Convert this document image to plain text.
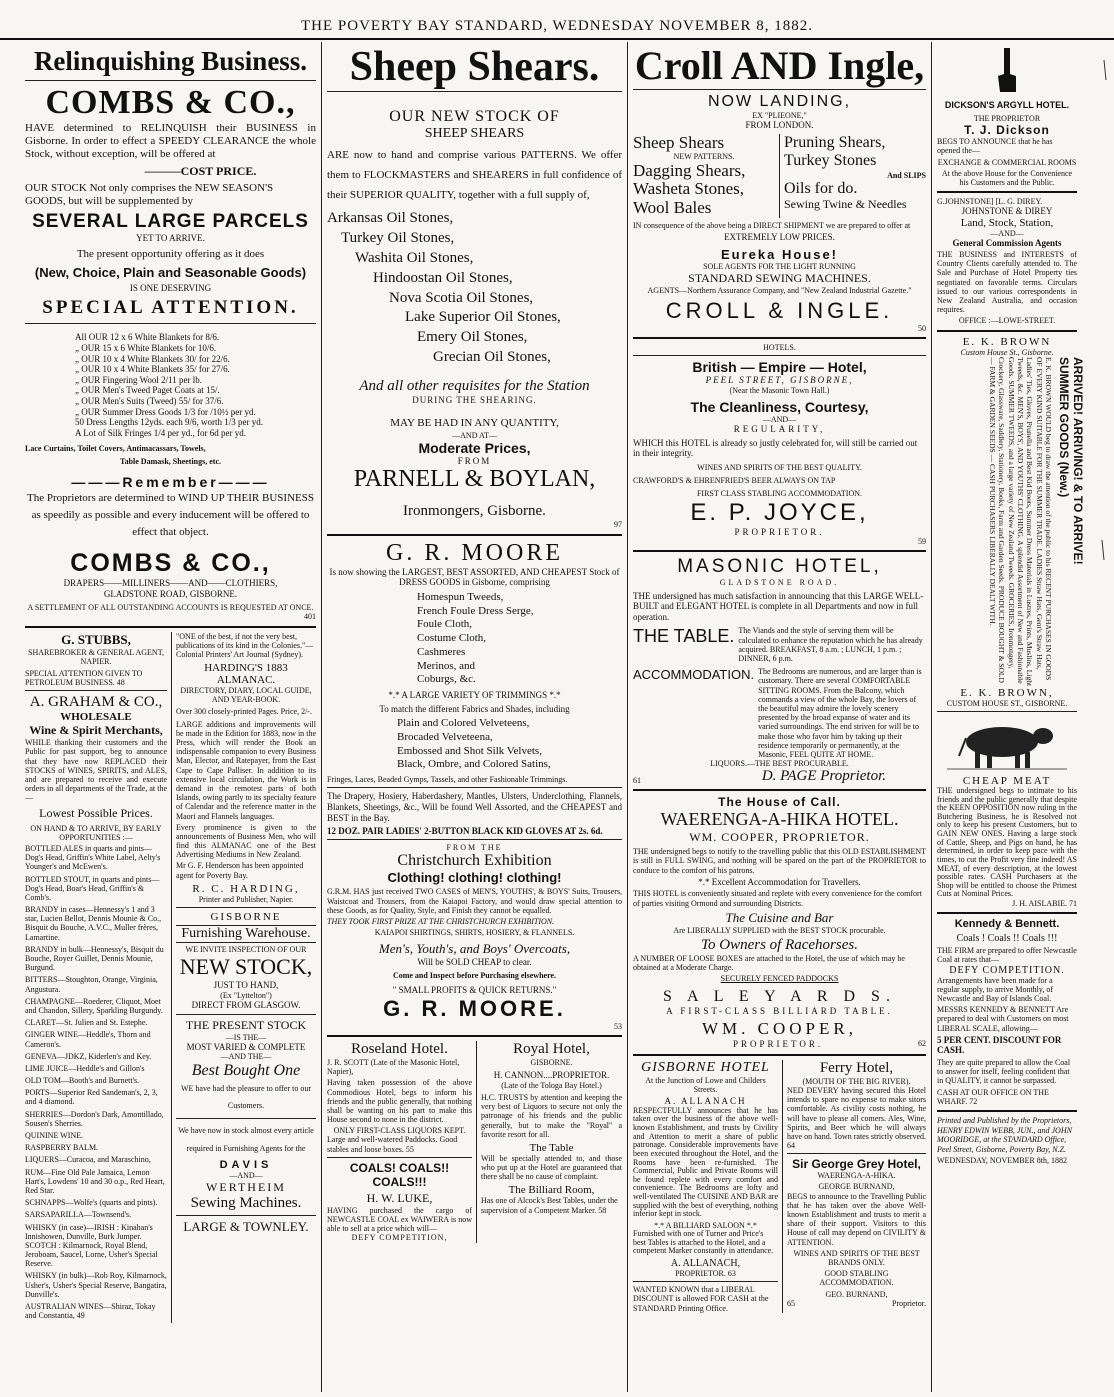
THE POVERTY BAY STANDARD, WEDNESDAY NOVEMBER 8, 1882.
Relinquishing Business.
COMBS & CO.,
HAVE determined to RELINQUISH their BUSINESS in Gisborne. In order to effect a SPEEDY CLEARANCE the whole Stock, without exception, will be offered at
———COST PRICE.
OUR STOCK Not only comprises the NEW SEASON'S GOODS, but will be supplemented by
SEVERAL LARGE PARCELS
YET TO ARRIVE.
The present opportunity offering as it does
(New, Choice, Plain and Seasonable Goods)
IS ONE DESERVING
SPECIAL ATTENTION.
All OUR 12 x 6 White Blankets for 8/6.
„ OUR 15 x 6 White Blankets for 10/6.
„ OUR 10 x 4 White Blankets 30/ for 22/6.
„ OUR 10 x 4 White Blankets 35/ for 27/6.
„ OUR Fingering Wool 2/11 per lb.
„ OUR Men's Tweed Paget Coats at 15/.
„ OUR Men's Suits (Tweed) 55/ for 37/6.
„ OUR Summer Dress Goods 1/3 for /10½ per yd.
50 Dress Lengths 12yds. each 9/6, worth 1/3 per yd.
A Lot of Silk Fringes 1/4 per yd., for 6d per yd.
Lace Curtains, Toilet Covers, Antimacassars, Towels,
Table Damask, Sheetings, etc.
———Remember———
The Proprietors are determined to WIND UP THEIR BUSINESS as speedily as possible and every inducement will be offered to effect that object.
COMBS & CO.,
DRAPERS——MILLINERS——AND——CLOTHIERS,
GLADSTONE ROAD, GISBORNE.
A SETTLEMENT OF ALL OUTSTANDING ACCOUNTS IS REQUESTED AT ONCE.
401
G. STUBBS,
SHAREBROKER & GENERAL AGENT, NAPIER.
SPECIAL ATTENTION GIVEN TO PETROLEUM BUSINESS. 48
A. GRAHAM & CO.,
WHOLESALE
Wine & Spirit Merchants,
WHILE thanking their customers and the Public for past support, beg to announce that they have now REPLACED their STOCKS of WINES, SPIRITS, and ALES, and are prepared to receive and execute orders in all departments of the Trade, at the—
Lowest Possible Prices.
ON HAND & TO ARRIVE, BY EARLY OPPORTUNITIES :—
BOTTLED ALES in quarts and pints—Dog's Head, Griffin's White Label, Aelty's Younger's and McEwen's.
BOTTLED STOUT, in quarts and pints—Dog's Head, Boar's Head, Griffin's & Comb's.
BRANDY in cases—Hennessy's 1 and 3 star, Lucien Bellot, Dennis Mounie & Co., Bisquit du Bouche, A.V.C., Muller frères, Lamartine.
BRANDY in bulk—Hennessy's, Bisquit du Bouche, Royer Guillet, Dennis Mounie, Burgund.
BITTERS—Stoughton, Orange, Virginia, Angustura.
CHAMPAGNE—Roederer, Cliquot, Moet and Chandon, Sillery, Sparkling Burgundy.
CLARET—St. Julien and St. Estephe.
GINGER WINE—Heddle's, Thorn and Cameron's.
GENEVA—JDKZ, Kiderlen's and Key.
LIME JUICE—Heddle's and Gillon's
OLD TOM—Booth's and Burnett's.
PORTS—Superior Red Sandeman's, 2, 3, and 4 diamond.
SHERRIES—Dordon's Dark, Amontillado, Sousen's Sherries.
QUININE WINE.
RASPBERRY BALM.
LIQUERS—Curacoa, and Maraschino,
RUM—Fine Old Pale Jamaica, Lemon Hart's, Lowdens' 10 and 30 o.p., Red Heart, Red Star.
SCHNAPPS—Wolfe's (quarts and pints).
SARSAPARILLA—Townsend's.
WHISKY (in case)—IRISH : Kinahan's Innishowen, Dunville, Burk Jumper. SCOTCH : Kilmarnock, Royal Blend, Jeroboam, Saucel, Lorne, Usher's Special Reserve.
WHISKY (in bulk)—Rob Roy, Kilmarnock, Usher's, Usher's Special Reserve, Bangatira, Dunville's.
AUSTRALIAN WINES—Shiraz, Tokay and Constantia, 49
"ONE of the best, if not the very best, publications of its kind in the Colonies."—Colonial Printers' Art Journal (Sydney).
HARDING'S 1883 ALMANAC.
DIRECTORY, DIARY, LOCAL GUIDE, AND YEAR-BOOK.
Over 300 closely-printed Pages. Price, 2/-.
LARGE additions and improvements will be made in the Edition for 1883, now in the Press, which will render the Book an indispensable companion to every Business Man, Elector, and Ratepayer, from the East Cape to Cape Palliser. In addition to its extensive local circulation, the Work is in demand in the remotest parts of both Islands, owing partly to its specialty feature of Calendar and the reference matter in the Maori and Flannels languages.
Every prominence is given to the announcements of Business Men, who will find this ALMANAC one of the Best Advertising Mediums in New Zealand.
Mr G. F. Henderson has been appointed agent for Poverty Bay.
R. C. HARDING,
Printer and Publisher, Napier.
GISBORNE
Furnishing Warehouse.
WE INVITE INSPECTION OF OUR
NEW STOCK,
JUST TO HAND,
(Ex "Lyttelton")
DIRECT FROM GLASGOW.
THE PRESENT STOCK
—IS THE—
MOST VARIED & COMPLETE
—AND THE—
Best Bought One
WE have had the pleasure to offer to our Customers.
We have now in stock almost every article required in Furnishing Agents for the
DAVIS
—AND—
WERTHEIM
Sewing Machines.
LARGE & TOWNLEY.
Sheep Shears.
OUR NEW STOCK OF
SHEEP SHEARS
ARE now to hand and comprise various PATTERNS. We offer them to FLOCKMASTERS and SHEARERS in full confidence of their SUPERIOR QUALITY, together with a full supply of,
Arkansas Oil Stones,
Turkey Oil Stones,
Washita Oil Stones,
Hindoostan Oil Stones,
Nova Scotia Oil Stones,
Lake Superior Oil Stones,
Emery Oil Stones,
Grecian Oil Stones,
And all other requisites for the Station
DURING THE SHEARING.
MAY BE HAD IN ANY QUANTITY,
—AND AT—
Moderate Prices,
FROM
PARNELL & BOYLAN,
Ironmongers, Gisborne.
97
G. R. MOORE
Is now showing the LARGEST, BEST ASSORTED, AND CHEAPEST Stock of DRESS GOODS in Gisborne, comprising
Homespun Tweeds,
French Foule Dress Serge,
Foule Cloth,
Costume Cloth,
Cashmeres
Merinos, and
Coburgs, &c.
*.* A LARGE VARIETY OF TRIMMINGS *.*
To match the different Fabrics and Shades, including
Plain and Colored Velveteens,
Brocaded Velveteena,
Embossed and Shot Silk Velvets,
Black, Ombre, and Colored Satins,
Fringes, Laces, Beaded Gymps, Tassels, and other Fashionable Trimmings.
The Drapery, Hosiery, Haberdashery, Mantles, Ulsters, Underclothing, Flannels, Blankets, Sheetings, &c., Will be found Well Assorted, and the CHEAPEST and BEST in the Bay.
12 DOZ. PAIR LADIES' 2-BUTTON BLACK KID GLOVES AT 2s. 6d.
FROM THE
Christchurch Exhibition
Clothing! clothing! clothing!
G.R.M. HAS just received TWO CASES of MEN'S, YOUTHS', & BOYS' Suits, Trousers, Waistcoat and Trousers, from the Kaiapoi Factory, and would draw special attention to these Goods, as for Quality, Style, and Finish they cannot be equalled.
THEY TOOK FIRST PRIZE AT THE CHRISTCHURCH EXHIBITION.
KAIAPOI SHIRTINGS, SHIRTS, HOSIERY, & FLANNELS.
Men's, Youth's, and Boys' Overcoats,
Will be SOLD CHEAP to clear.
Come and Inspect before Purchasing elsewhere.
" SMALL PROFITS & QUICK RETURNS."
G. R. MOORE.
53
Roseland Hotel.
J. R. SCOTT (Late of the Masonic Hotel, Napier),
Having taken possession of the above Commodious Hotel, begs to inform his friends and the public generally, that nothing shall be wanting on his part to make this House second to none in the district.
ONLY FIRST-CLASS LIQUORS KEPT.
Large and well-watered Paddocks. Good stables and loose boxes. 55
COALS! COALS!! COALS!!!
H. W. LUKE,
HAVING purchased the cargo of NEWCASTLE COAL ex WAIWERA is now able to sell at a price which will—
DEFY COMPETITION,
Royal Hotel,
GISBORNE.
H. CANNON....PROPRIETOR.
(Late of the Tologa Bay Hotel.)
H.C. TRUSTS by attention and keeping the very best of Liquors to secure not only the patronage of his friends and the public generally, but to make the "Royal" a favorite resort for all.
The Table
Will be specially attended to, and those who put up at the Hotel are guaranteed that there shall be no cause of complaint.
The Billiard Room,
Has one of Alcock's Best Tables, under the supervision of a Competent Marker. 58
Croll AND Ingle,
NOW LANDING,
EX "PLIEONE,"
FROM LONDON.
Sheep Shears
NEW PATTERNS.
Dagging Shears,
Washeta Stones,
Wool Bales
Pruning Shears,
Turkey Stones
And SLIPS
Oils for do.
Sewing Twine & Needles
IN consequence of the above being a DIRECT SHIPMENT we are prepared to offer at
EXTREMELY LOW PRICES.
Eureka House!
SOLE AGENTS FOR THE LIGHT RUNNING
STANDARD SEWING MACHINES.
AGENTS—Northern Assurance Company, and "New Zealand Industrial Gazette."
CROLL & INGLE.
50
HOTELS.
British — Empire — Hotel,
PEEL STREET, GISBORNE,
(Near the Masonic Town Hall.)
The Cleanliness, Courtesy,
—AND—
REGULARITY,
WHICH this HOTEL is already so justly celebrated for, will still be carried out in their integrity.
WINES AND SPIRITS OF THE BEST QUALITY.
CRAWFORD'S & EHRENFRIED'S BEER ALWAYS ON TAP
FIRST CLASS STABLING ACCOMMODATION.
E. P. JOYCE,
PROPRIETOR.
59
MASONIC HOTEL,
GLADSTONE ROAD.
THE undersigned has much satisfaction in announcing that this LARGE WELL-BUILT and ELEGANT HOTEL is complete in all Departments and now in full operation.
THE TABLE. The Viands and the style of serving them will be calculated to enhance the reputation which he has already acquired. BREAKFAST, 8 a.m. ; LUNCH, 1 p.m. ; DINNER, 6 p.m.
ACCOMMODATION. The Bedrooms are numerous, and are larger than is customary. There are several COMFORTABLE SITTING ROOMS. From the Balcony, which commands a view of the whole Bay, the lovers of the beautiful may admire the lovely scenery presented by the broad expanse of water and its varied surroundings. The end striven for will be to make those who favor him by taking up their residence temporarily or permanently, at the Masonic, FEEL QUITE AT HOME.
LIQUORS.—THE BEST PROCURABLE.
61	D. PAGE Proprietor.
The House of Call.
WAERENGA-A-HIKA HOTEL.
WM. COOPER, PROPRIETOR.
THE undersigned begs to notify to the travelling public that this OLD ESTABLISHMENT is still in FULL SWING, and nothing will be spared on the part of the PROPRIETOR to conduce to the comfort of his patrons.
*.* Excellent Accommodation for Travellers.
THIS HOTEL is conveniently situated and replete with every convenience for the comfort of parties visiting Ormond and surrounding Districts.
The Cuisine and Bar
Are LIBERALLY SUPPLIED with the BEST STOCK procurable.
To Owners of Racehorses.
A NUMBER OF LOOSE BOXES are attached to the Hotel, the use of which may be obtained at a Moderate Charge.
SECURELY FENCED PADDOCKS
S A L E Y A R D S.
A FIRST-CLASS BILLIARD TABLE.
WM. COOPER,
PROPRIETOR.	62
GISBORNE HOTEL
At the Junction of Lowe and Childers Streets.
A. ALLANACH
RESPECTFULLY announces that he has taken over the business of the above well-known Establishment, and trusts by Civility and Attention to merit a share of public patronage. Considerable improvements have been executed throughout the Hotel, and the Rooms have been re-furnished. The Commercial, Public and Private Rooms will be found replete with every comfort and convenience. The Bedrooms are lofty and well-ventilated The CUISINE AND BAR are supplied with the best of everything, nothing inferior kept in stock.
*.* A BILLIARD SALOON *.*
Furnished with one of Turner and Price's best Tables is attached to the Hotel, and a competent Marker constantly in attendance.
A. ALLANACH,
PROPRIETOR. 63
WANTED KNOWN that a LIBERAL DISCOUNT is allowed FOR CASH at the STANDARD Printing Office.
Ferry Hotel,
(MOUTH OF THE BIG RIVER).
NED DEVERY having secured this Hotel intends to spare no expense to make sitors comfortable. As civility costs nothing, he will have to please all comers. Ales, Wine, Spirits, and Beer which he will always have on hand. Town rates strictly observed. 64
Sir George Grey Hotel,
WAERENGA-A-HIKA.
GEORGE BURNAND,
BEGS to announce to the Travelling Public that he has taken over the above Well-known Establishment and trusts to merit a share of their support. Visitors to this House of call may depend on CIVILITY & ATTENTION.
WINES AND SPIRITS OF THE BEST BRANDS ONLY.
GOOD STABLING ACCOMMODATION.
GEO. BURNAND,
65	Proprietor.
DICKSON'S ARGYLL HOTEL.
THE PROPRIETOR
T. J. Dickson
BEGS TO ANNOUNCE that he has opened the—
EXCHANGE & COMMERCIAL ROOMS
At the above House for the Convenience his Customers and the Public.
G.JOHNSTONE] [L. G. DIREY.
JOHNSTONE & DIREY
Land, Stock, Station,
—AND—
General Commission Agents
THE BUSINESS and INTERESTS of Country Clients carefully attended to. The Sale and Purchase of Hotel Property ties negotiated on favorable terms. Circulars issued to our various correspondents in New Zealand Australia, and occasion requires.
OFFICE :—LOWE-STREET.
E. K. BROWN
Custom House St., Gisborne.
ARRIVED! ARRIVING! & TO ARRIVE!
SUMMER GOODS (New.)
E. K. BROWN WOULD beg to draw the attention of the public to his RECENT PURCHASES IN GOODS OF EVERY KIND SUITABLE FOR THE SUMMER TRADE. LADIES Straw Hats, Gent's Straw Hats, Ladies' Ties, Gloves, Prunella and Best Kid Boots, Summer Dress Materials in Lustres, Prints, Muslins, Light Tweeds, &c. MEN'S, BOYS', AND YOUTHS' CLOTHING. A splendid Assortment of New and Fashionable Goods. SUMMER TWEEDS, and a large variety of New Zealand Tweeds. GROCERIES, Ironmongery, Crockery, Glassware, Saddlery, Stationery, Books, Farm and Garden Seeds. PRODUCE BOUGHT & SOLD — FARM & GARDEN SEEDS — CASH PURCHASERS LIBERALLY DEALT WITH.
E. K. BROWN,
CUSTOM HOUSE ST., GISBORNE.
CHEAP MEAT
THE undersigned begs to intimate to his friends and the public generally that despite the KEEN OPPOSITION now ruling in the Butchering Business, he is Resolved not only to keep his present Customers, but to GAIN NEW ONES. Having a large stock of Cattle, Sheep, and Pigs on hand, he has determined, in order to keep pace with the times, to cut the Profit very fine indeed! AS MEAT, of every description, at the lowest possible rates. CASH Purchasers at the Shop will be entitled to choose the Primest Cuts at Nominal Prices.
J. H. AISLABIE. 71
Kennedy & Bennett.
Coals ! Coals !! Coals !!!
THE FIRM are prepared to offer Newcastle Coal at rates that—
DEFY COMPETITION.
Arrangements have been made for a regular supply, to arrive Monthly, of Newcastle and Bay of Islands Coal.
MESSRS KENNEDY & BENNETT Are prepared to deal with Customers on most LIBERAL SCALE, allowing—
5 PER CENT. DISCOUNT FOR CASH.
They are quite prepared to allow the Coal to answer for itself, feeling confident that in QUALITY, it cannot be surpassed.
CASH AT OUR OFFICE ON THE WHARF. 72
Printed and Published by the Proprietors, HENRY EDWIN WEBB, JUN., and JOHN MOORIDGE, at the STANDARD Office, Peel Street, Gisborne, Poverty Bay, N.Z.
WEDNESDAY, NOVEMBER 8th, 1882
